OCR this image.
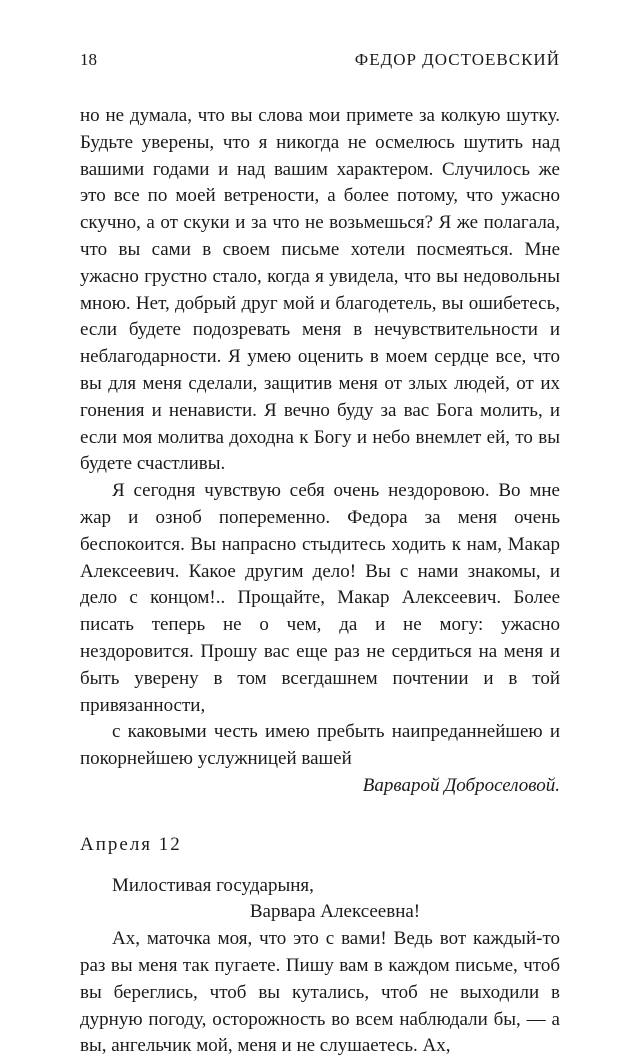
18	ФЕДОР ДОСТОЕВСКИЙ

но не думала, что вы слова мои примете за колкую шутку. Будьте уверены, что я никогда не осмелюсь шутить над вашими годами и над вашим характером. Случилось же это все по моей ветрености, а более потому, что ужасно скучно, а от скуки и за что не возьмешься? Я же полагала, что вы сами в своем письме хотели посмеяться. Мне ужасно грустно стало, когда я увидела, что вы недовольны мною. Нет, добрый друг мой и благодетель, вы ошибетесь, если будете подозревать меня в нечувствительности и неблагодарности. Я умею оценить в моем сердце все, что вы для меня сделали, защитив меня от злых людей, от их гонения и ненависти. Я вечно буду за вас Бога молить, и если моя молитва доходна к Богу и небо внемлет ей, то вы будете счастливы.

Я сегодня чувствую себя очень нездоровою. Во мне жар и озноб попеременно. Федора за меня очень беспокоится. Вы напрасно стыдитесь ходить к нам, Макар Алексеевич. Какое другим дело! Вы с нами знакомы, и дело с концом!.. Прощайте, Макар Алексеевич. Более писать теперь не о чем, да и не могу: ужасно нездоровится. Прошу вас еще раз не сердиться на меня и быть уверену в том всегдашнем почтении и в той привязанности,

с каковыми честь имею пребыть наипреданнейшею и покорнейшею услужницей вашей

Варварой Доброселовой.

Апреля 12

Милостивая государыня,

Варвара Алексеевна!

Ах, маточка моя, что это с вами! Ведь вот каждый-то раз вы меня так пугаете. Пишу вам в каждом письме, чтоб вы береглись, чтоб вы кутались, чтоб не выходили в дурную погоду, осторожность во всем наблюдали бы, — а вы, ангельчик мой, меня и не слушаетесь. Ах,
